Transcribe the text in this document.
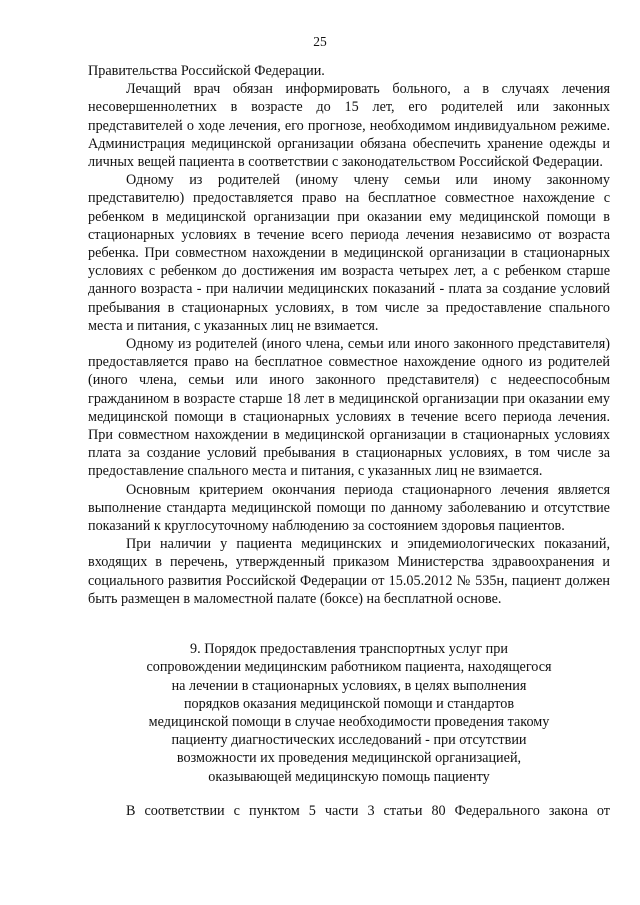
25

Правительства Российской Федерации.

Лечащий врач обязан информировать больного, а в случаях лечения несовершеннолетних в возрасте до 15 лет, его родителей или законных представителей о ходе лечения, его прогнозе, необходимом индивидуальном режиме. Администрация медицинской организации обязана обеспечить хранение одежды и личных вещей пациента в соответствии с законодательством Российской Федерации.

Одному из родителей (иному члену семьи или иному законному представителю) предоставляется право на бесплатное совместное нахождение с ребенком в медицинской организации при оказании ему медицинской помощи в стационарных условиях в течение всего периода лечения независимо от возраста ребенка. При совместном нахождении в медицинской организации в стационарных условиях с ребенком до достижения им возраста четырех лет, а с ребенком старше данного возраста - при наличии медицинских показаний - плата за создание условий пребывания в стационарных условиях, в том числе за предоставление спального места и питания, с указанных лиц не взимается.

Одному из родителей (иного члена, семьи или иного законного представителя) предоставляется право на бесплатное совместное нахождение одного из родителей (иного члена, семьи или иного законного представителя) с недееспособным гражданином в возрасте старше 18 лет в медицинской организации при оказании ему медицинской помощи в стационарных условиях в течение всего периода лечения. При совместном нахождении в медицинской организации в стационарных условиях плата за создание условий пребывания в стационарных условиях, в том числе за предоставление спального места и питания, с указанных лиц не взимается.

Основным критерием окончания периода стационарного лечения является выполнение стандарта медицинской помощи по данному заболеванию и отсутствие показаний к круглосуточному наблюдению за состоянием здоровья пациентов.

При наличии у пациента медицинских и эпидемиологических показаний, входящих в перечень, утвержденный приказом Министерства здравоохранения и социального развития Российской Федерации от 15.05.2012 № 535н, пациент должен быть размещен в маломестной палате (боксе) на бесплатной основе.

9. Порядок предоставления транспортных услуг при
сопровождении медицинским работником пациента, находящегося
на лечении в стационарных условиях, в целях выполнения
порядков оказания медицинской помощи и стандартов
медицинской помощи в случае необходимости проведения такому
пациенту диагностических исследований - при отсутствии
возможности их проведения медицинской организацией,
оказывающей медицинскую помощь пациенту

В соответствии с пунктом 5 части 3 статьи 80 Федерального закона от
